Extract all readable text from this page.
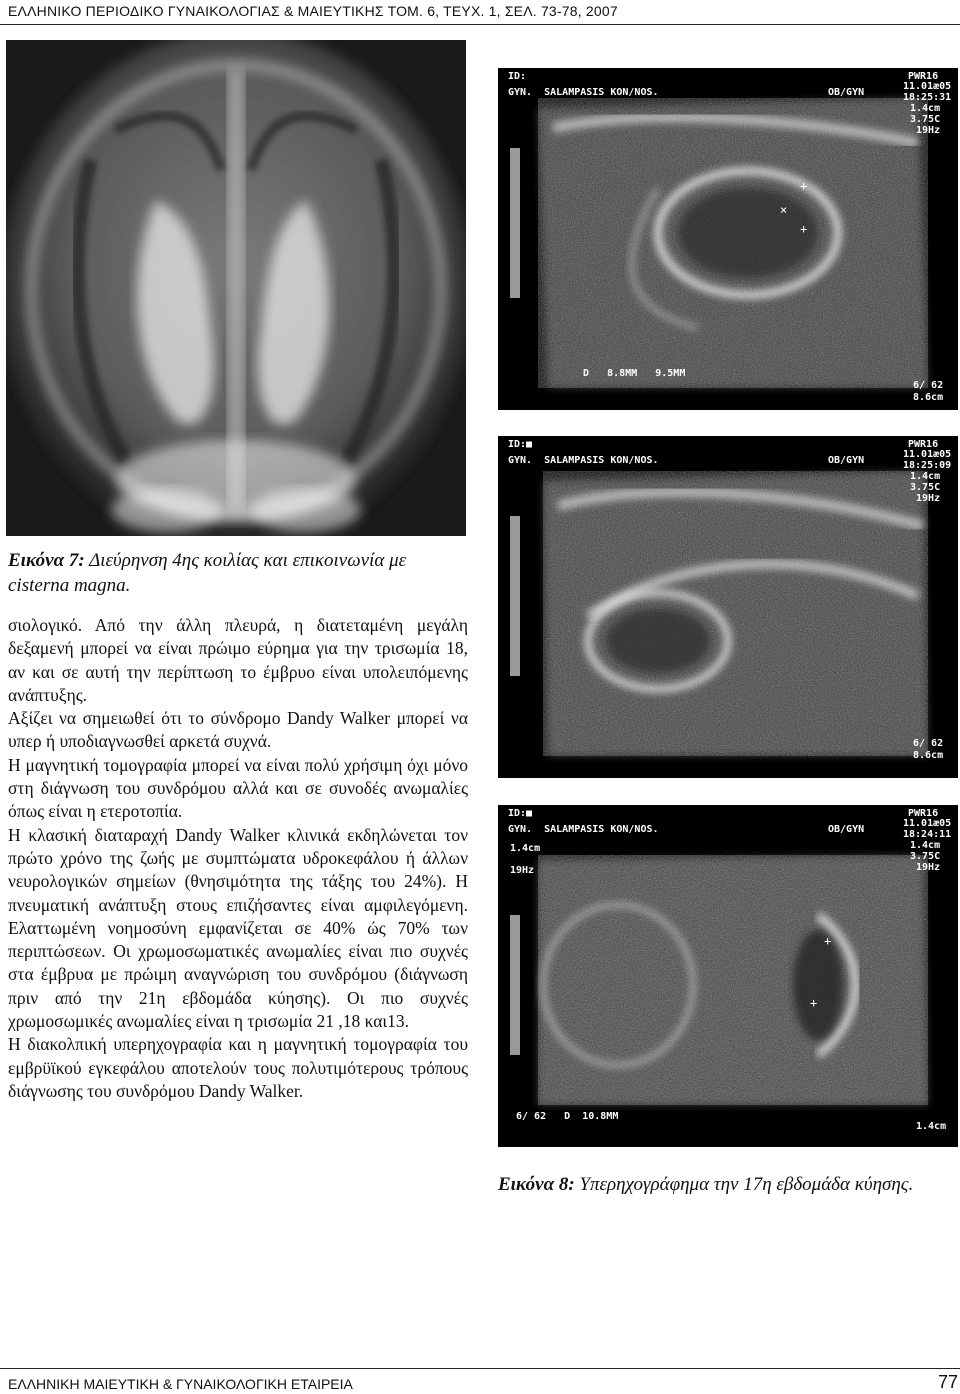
ΕΛΛΗΝΙΚΟ ΠΕΡΙΟΔΙΚΟ ΓΥΝΑΙΚΟΛΟΓΙΑΣ & ΜΑΙΕΥΤΙΚΗΣ ΤΟΜ. 6, ΤΕΥΧ. 1, ΣΕΛ. 73-78, 2007
Εικόνα 7: Διεύρηνση 4ης κοιλίας και επικοινωνία με cisterna magna.

σιολογικό. Από την άλλη πλευρά, η διατεταμένη μεγάλη δεξαμενή μπορεί να είναι πρώιμο εύρημα για την τρισωμία 18, αν και σε αυτή την περίπτωση το έμβρυο είναι υπολειπόμενης ανάπτυξης.

Αξίζει να σημειωθεί ότι το σύνδρομο Dandy Walker μπορεί να υπερ ή υποδιαγνωσθεί αρκετά συχνά.

Η μαγνητική τομογραφία μπορεί να είναι πολύ χρήσιμη όχι μόνο στη διάγνωση του συνδρόμου αλλά και σε συνοδές ανωμαλίες όπως είναι η ετεροτοπία.

Η κλασική διαταραχή Dandy Walker κλινικά εκδηλώνεται τον πρώτο χρόνο της ζωής με συμπτώματα υδροκεφάλου ή άλλων νευρολογικών σημείων (θνησιμότητα της τάξης του 24%). Η πνευματική ανάπτυξη στους επιζήσαντες είναι αμφιλεγόμενη. Ελαττωμένη νοημοσύνη εμφανίζεται σε 40% ώς 70% των περιπτώσεων. Οι χρωμοσωματικές ανωμαλίες είναι πιο συχνές στα έμβρυα με πρώιμη αναγνώριση του συνδρόμου (διάγνωση πριν από την 21η εβδομάδα κύησης). Οι πιο συχνές χρωμοσωμικές ανωμαλίες είναι η τρισωμία 21 ,18 και13.

Η διακολπική υπερηχογραφία και η μαγνητική τομογραφία του εμβρϋϊκού εγκεφάλου αποτελούν τους πολυτιμότερους τρόπους διάγνωσης του συνδρόμου Dandy Walker.

+
+
×
ID:
GYN.  SALAMPASIS KON/NOS.	OB/GYN
PWR16
11.01æ05
18:25:31
1.4cm
3.75C
19Hz
D   8.8MM   9.5MM
6/ 62
8.6cm
ID:■
GYN.  SALAMPASIS KON/NOS.	OB/GYN
PWR16
11.01æ05
18:25:09
1.4cm
3.75C
19Hz
6/ 62
8.6cm
+
+
ID:■
GYN.  SALAMPASIS KON/NOS.	OB/GYN
PWR16
11.01æ05
18:24:11
1.4cm
3.75C
19Hz
1.4cm
19Hz
6/ 62   D  10.8MM
1.4cm
Εικόνα 8: Υπερηχογράφημα την 17η εβδομάδα κύησης.
ΕΛΛΗΝΙΚΗ ΜΑΙΕΥΤΙΚΗ & ΓΥΝΑΙΚΟΛΟΓΙΚΗ ΕΤΑΙΡΕΙΑ	77
